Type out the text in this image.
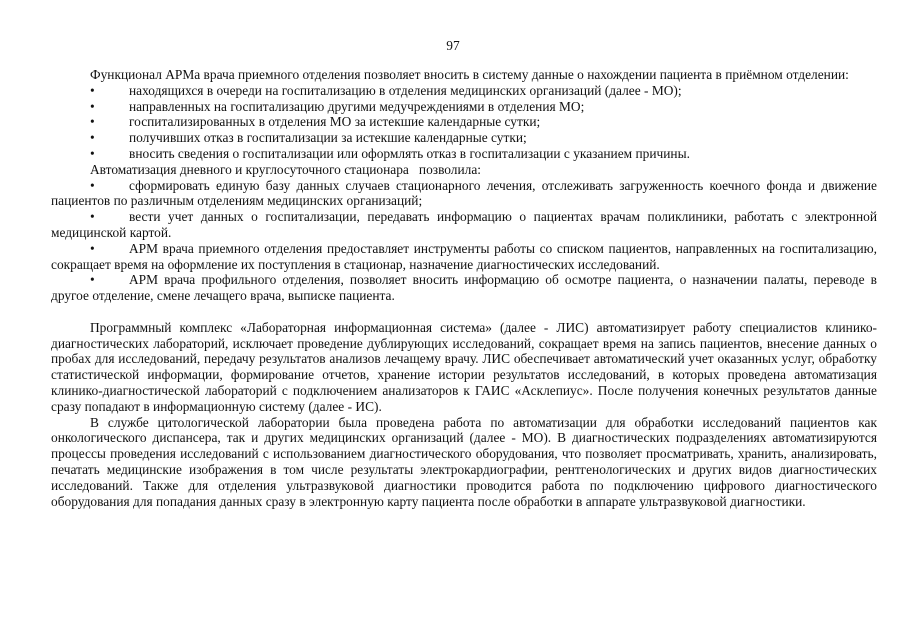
97

Функционал АРМа врача приемного отделения позволяет вносить в систему данные о нахождении пациента в приёмном отделении:

•	находящихся в очереди на госпитализацию в отделения медицинских организаций (далее - МО);
•	направленных на госпитализацию другими медучреждениями в отделения МО;
•	госпитализированных в отделения МО за истекшие календарные сутки;
•	получивших отказ в госпитализации за истекшие календарные сутки;
•	вносить сведения о госпитализации или оформлять отказ в госпитализации с указанием причины.

Автоматизация дневного и круглосуточного стационара   позволила:

•	сформировать единую базу данных случаев стационарного лечения, отслеживать загруженность коечного фонда и движение пациентов по различным отделениям медицинских организаций;

•	вести учет данных о госпитализации, передавать информацию о пациентах врачам поликлиники, работать с электронной медицинской картой.

•	АРМ врача приемного отделения предоставляет инструменты работы со списком пациентов, направленных на госпитализацию, сокращает время на оформление их поступления в стационар, назначение диагностических исследований.

•	АРМ врача профильного отделения, позволяет вносить информацию об осмотре пациента, о назначении палаты, переводе в другое отделение, смене лечащего врача, выписке пациента.

Программный комплекс «Лабораторная информационная система» (далее - ЛИС) автоматизирует работу специалистов клинико-диагностических лабораторий, исключает проведение дублирующих исследований, сокращает время на запись пациентов, внесение данных о пробах для исследований, передачу результатов анализов лечащему врачу. ЛИС обеспечивает автоматический учет оказанных услуг, обработку статистической информации, формирование отчетов, хранение истории результатов исследований, в которых проведена автоматизация клинико-диагностической лабораторий с подключением анализаторов к ГАИС «Асклепиус». После получения конечных результатов данные сразу попадают в информационную систему (далее - ИС).

В службе цитологической лаборатории была проведена работа по автоматизации для обработки исследований пациентов как онкологического диспансера, так и других медицинских организаций (далее - МО). В диагностических подразделениях автоматизируются процессы проведения исследований с использованием диагностического оборудования, что позволяет просматривать, хранить, анализировать, печатать медицинские изображения в том числе результаты электрокардиографии, рентгенологических и других видов диагностических исследований. Также для отделения ультразвуковой диагностики проводится работа по подключению цифрового диагностического оборудования для попадания данных сразу в электронную карту пациента после обработки в аппарате ультразвуковой диагностики.
